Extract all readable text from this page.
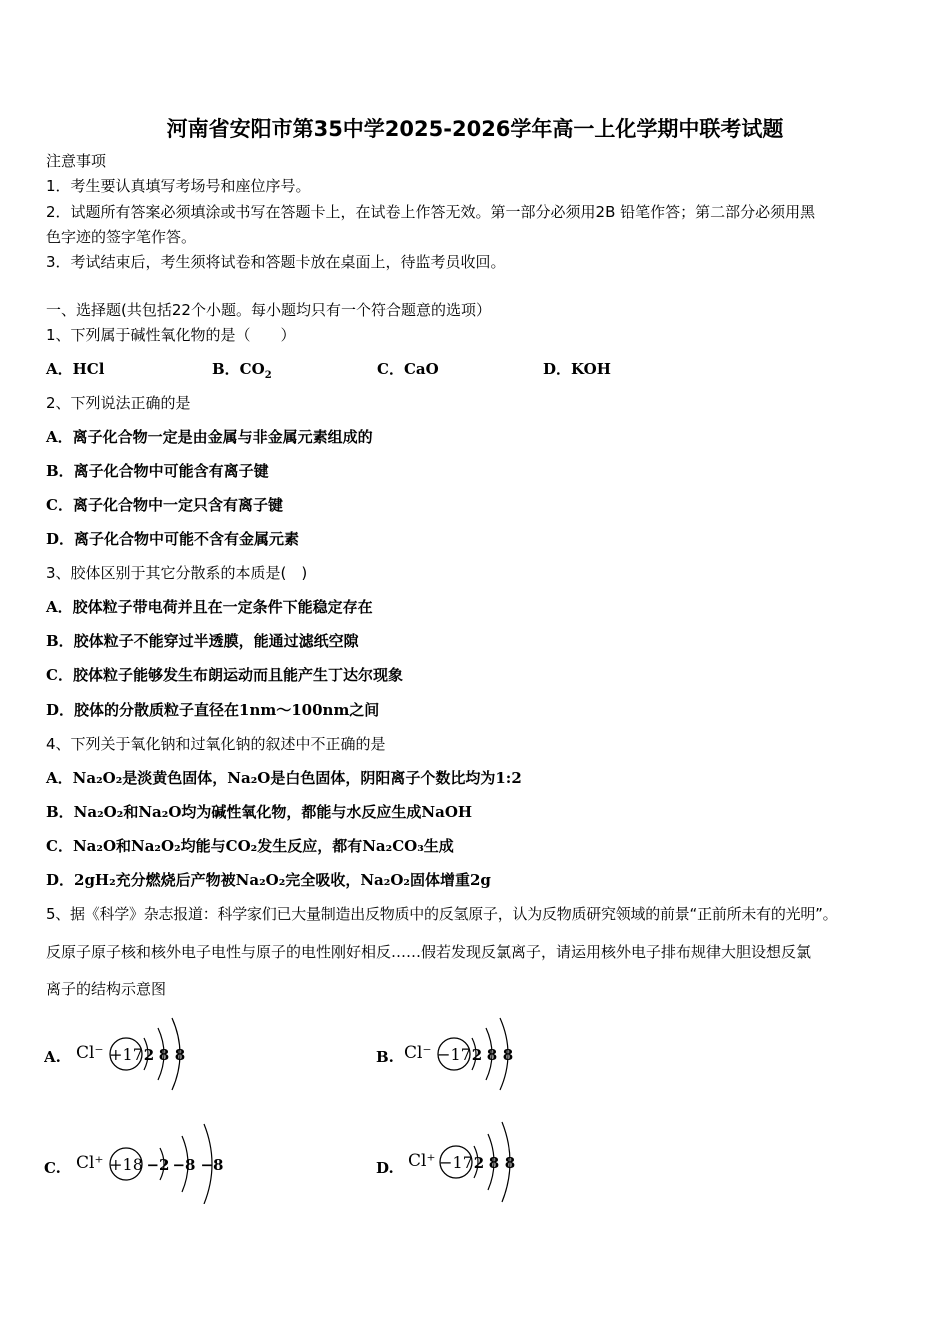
河南省安阳市第35中学2025-2026学年高一上化学期中联考试题
注意事项
1．考生要认真填写考场号和座位序号。
2．试题所有答案必须填涂或书写在答题卡上，在试卷上作答无效。第一部分必须用2B 铅笔作答；第二部分必须用黑
色字迹的签字笔作答。
3．考试结束后，考生须将试卷和答题卡放在桌面上，待监考员收回。
一、选择题(共包括22个小题。每小题均只有一个符合题意的选项）
1、下列属于碱性氧化物的是（　　）
A．HCl	B．$CO_2$	C．CaO	D．KOH
2、下列说法正确的是
A．离子化合物一定是由金属与非金属元素组成的
B．离子化合物中可能含有离子键
C．离子化合物中一定只含有离子键
D．离子化合物中可能不含有金属元素
3、胶体区别于其它分散系的本质是(　)
A．胶体粒子带电荷并且在一定条件下能稳定存在
B．胶体粒子不能穿过半透膜，能通过滤纸空隙
C．胶体粒子能够发生布朗运动而且能产生丁达尔现象
D．胶体的分散质粒子直径在1nm～100nm之间
4、下列关于氧化钠和过氧化钠的叙述中不正确的是
A．Na₂O₂是淡黄色固体，Na₂O是白色固体，阴阳离子个数比均为1:2
B．Na₂O₂和Na₂O均为碱性氧化物，都能与水反应生成NaOH
C．Na₂O和Na₂O₂均能与CO₂发生反应，都有Na₂CO₃生成
D．2gH₂充分燃烧后产物被Na₂O₂完全吸收，Na₂O₂固体增重2g
5、据《科学》杂志报道：科学家们已大量制造出反物质中的反氢原子，认为反物质研究领域的前景“正前所未有的光明”。
反原子原子核和核外电子电性与原子的电性刚好相反……假若发现反氯离子，请运用核外电子排布规律大胆设想反氯
离子的结构示意图
A. Cl⁻ +17 2 8 8	B. Cl⁻ −17 2 8 8
C. Cl⁺ +18 −2 −8 −8	D. Cl⁺ −17 2 8 8
